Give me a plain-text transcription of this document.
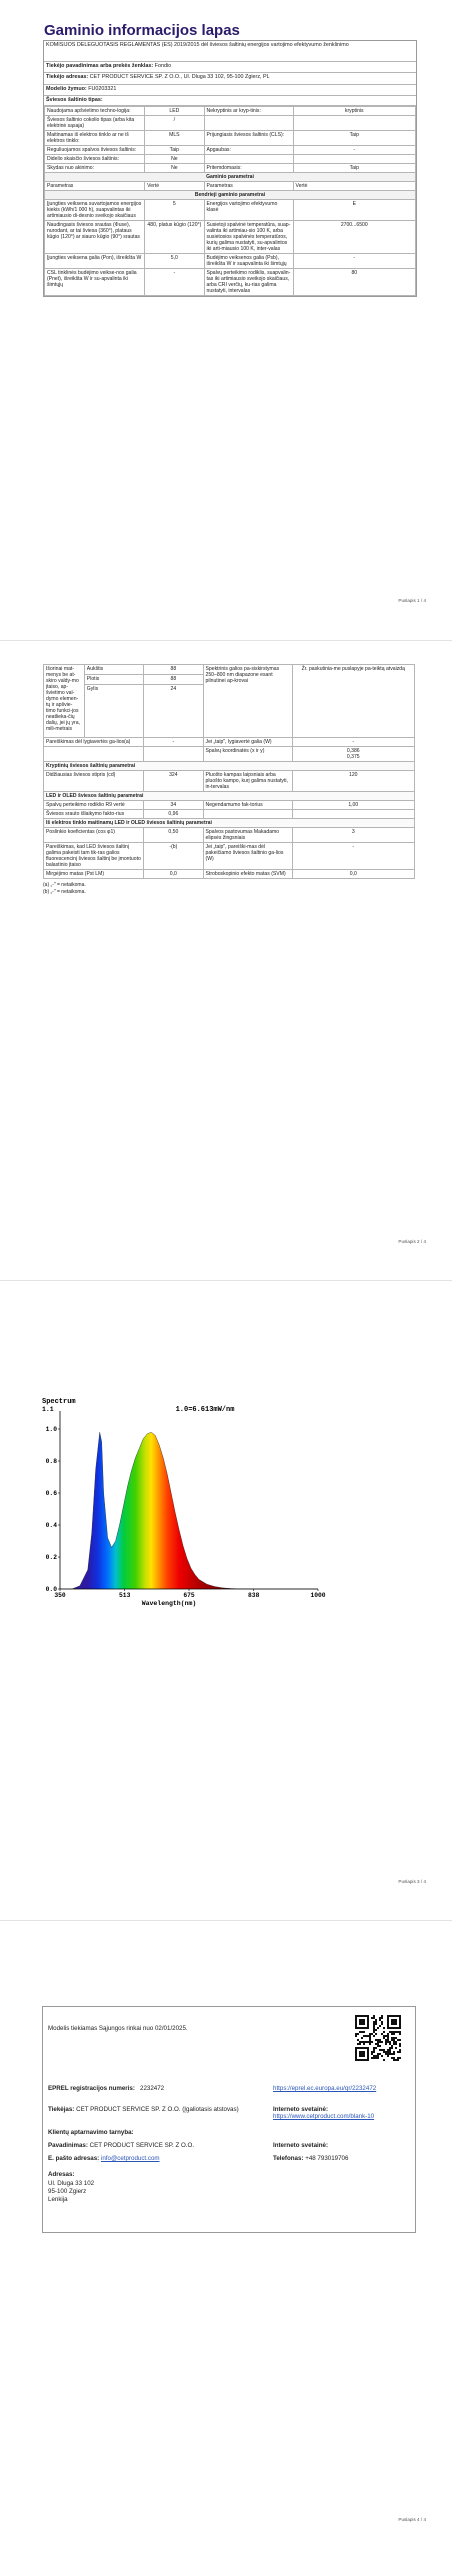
Gaminio informacijos lapas
KOMISIJOS DELEGUOTASIS REGLAMENTAS (ES) 2019/2015 dėl šviesos šaltinių energijos vartojimo efektyvumo ženklinimo
Tiekėjo pavadinimas arba prekės ženklas: Fondio
Tiekėjo adresas: CET PRODUCT SERVICE SP. Z O.O., Ul. Dluga 33 102, 95-100 Zgierz, PL
Modelio žymuo: FU0203321
Šviesos šaltinio tipas:
Naudojama apšvietimo techno-logija:	LED	Nekryptinis ar kryp-tinis:	kryptinis
Šviesos šaltinio cokolio tipas (arba kita elektrinė sąsaja)	/		
Maitinamas iš elektros tinklo ar ne iš elektros tinklo:	MLS	Prijungiasis šviesos šaltinis (CLS):	Taip
Reguliuojamos spalvos šviesos šaltinis:	Taip	Apgaubas:	-
Didelio skaisčio šviesos šaltinis:	Ne		
Skydas nuo akinimo:	Ne	Pritemdomasis:	Taip
Gaminio parametrai			
Parametras	Vertė	Parametras	Vertė
Bendrieji gaminio parametrai			
Įjungties veiksena suvartojamos energijos kiekis (kWh/1 000 h), suapvalintas iki artimiausio di-desnio sveikojo skaičiaus	5	Energijos vartojimo efektyvumo klasė	E
Naudingasis šviesos srautas (Φuse), nurodant, ar tai šviesa (360°), plataus kūgio (120°) ar siauro kūgio (90°) srautas	480, platus kūgio (120°)	Susietoji spalvinė temperatūra, suap-valinta iki artimiau-sio 100 K, arba susietosios spalvinės temperatūros, kurių galima nustatyti, su-apvalintos iki arti-miausio 100 K, inter-valas	2700...6500
Įjungties veiksena galia (Pon), išreikšta W	5,0	Budėjimo veiksenos galia (Psb), išreikšta W ir suapvalinta iki šimtųjų	-
CSL tinklinės budėjimo veikse-nos galia (Pnet), išreikšta W ir su-apvalinta iki šimtųjų	-	Spalvų perteikimo rodiklis, suapvalin-tas iki artimiausio sveikojo skaičiaus, arba CRI verčių, ku-rias galima nustatyti, intervalas	80
Puslapis 1 / 4
Išorinai mat-menys be at-skiro valdy-mo įtaiso, ap-švietimo val-dymo elemen-tų ir apšvie-timo funkci-jos neatlieka-čių dalių, jei jų yra, mili-metrais	Aukštis	88	Spektrinis galios pa-siskirstymas 250–800 nm diapazone esant pilnutinei ap-krovai	Žr. paskutinia-me puslapyje pa-teiktą atvaizdą
	Plotis	88		
	Gylis	24		
Pareiškimas dėl lygiavertės ga-lios(a)		-	Jei „taip", lygiavertė galia (W)	-
			Spalvų koordinatės (x ir y)	0,386
0,375
Kryptinių šviesos šaltinių parametrai				
Didžiausias šviesos stipris (cd)		324	Pluošto kampas laipsniais arba pluošto kampo, kurį galima nustatyti, in-tervalas	120
LED ir OLED šviesos šaltinių parametrai				
Spalvų perteikimo rodiklio R9 vertė		34	Negendamumo fak-torius	1,00
Šviesos srauto išlaikymo fakto-rius		0,96		
Iš elektros tinklo maitinamų LED ir OLED šviesos šaltinių parametrai				
Poslinkio koeficientas (cos φ1)		0,50	Spalvos pastovumas Makadamo elipsės žingsniais	3
Pareiškimas, kad LED šviesos šaltinį galima pakeisti tam tik-ras galios fluorescencinį šviesos šaltinį be įmontuoto balastinio įtaiso		-(b)	Jei „taip", pareiški-mas dėl pakeičiamo šviesos šaltinio ga-lios (W)	-
Mirgėjimo matas (Pst LM)		0,0	Stroboskopinio efekto matas (SVM)	0,0
(a) „-" = netaikoma.
(b) „-" = netaikoma.
Puslapis 2 / 4
Puslapis 3 / 4
Spectrum
1.0=6.613mW/nm
1.1
0.0
0.2
0.4
0.6
0.8
1.0
350	513	675	838	1000
Wavelength(nm)
Puslapis 4 / 4
Modelis tiekiamas Sąjungos rinkai nuo 02/01/2025.
EPREL registracijos numeris: 2232472	https://eprel.ec.europa.eu/qr/2232472
Tiekėjas: CET PRODUCT SERVICE SP. Z O.O. (Įgaliotasis atstovas)	Interneto svetainė: https://www.cetproduct.com/blank-10
Klientų aptarnavimo tarnyba:
Pavadinimas: CET PRODUCT SERVICE SP. Z O.O.	Interneto svetainė:
E. pašto adresas: info@cetproduct.com	Telefonas: +48 793019706
Adresas:
Ul. Dluga 33 102
95-100 Zgierz
Lenkija
